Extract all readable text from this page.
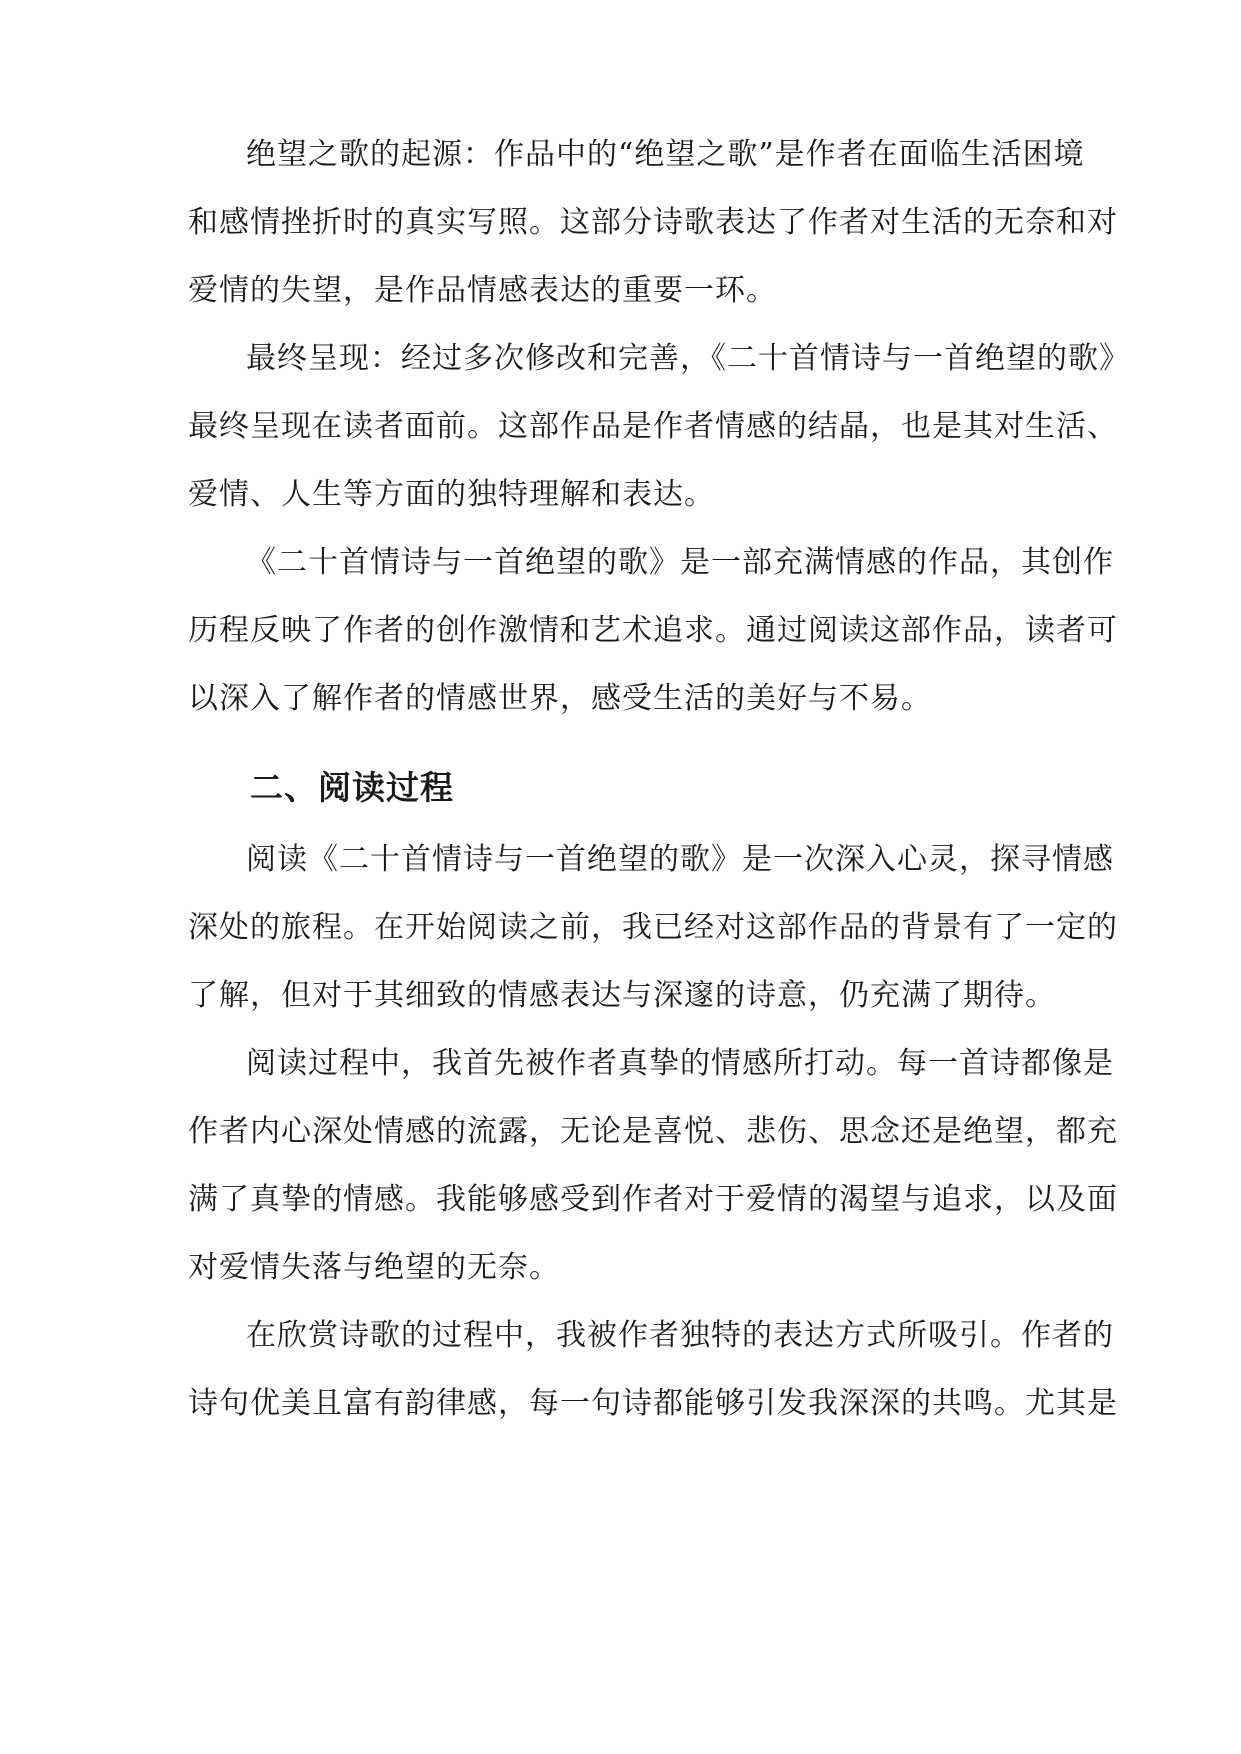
绝望之歌的起源：作品中的“绝望之歌”是作者在面临生活困境
和感情挫折时的真实写照。这部分诗歌表达了作者对生活的无奈和对
爱情的失望，是作品情感表达的重要一环。
最终呈现：经过多次修改和完善，《二十首情诗与一首绝望的歌》
最终呈现在读者面前。这部作品是作者情感的结晶，也是其对生活、
爱情、人生等方面的独特理解和表达。
《二十首情诗与一首绝望的歌》是一部充满情感的作品，其创作
历程反映了作者的创作激情和艺术追求。通过阅读这部作品，读者可
以深入了解作者的情感世界，感受生活的美好与不易。
二、阅读过程
阅读《二十首情诗与一首绝望的歌》是一次深入心灵，探寻情感
深处的旅程。在开始阅读之前，我已经对这部作品的背景有了一定的
了解，但对于其细致的情感表达与深邃的诗意，仍充满了期待。
阅读过程中，我首先被作者真挚的情感所打动。每一首诗都像是
作者内心深处情感的流露，无论是喜悦、悲伤、思念还是绝望，都充
满了真挚的情感。我能够感受到作者对于爱情的渴望与追求，以及面
对爱情失落与绝望的无奈。
在欣赏诗歌的过程中，我被作者独特的表达方式所吸引。作者的
诗句优美且富有韵律感，每一句诗都能够引发我深深的共鸣。尤其是
